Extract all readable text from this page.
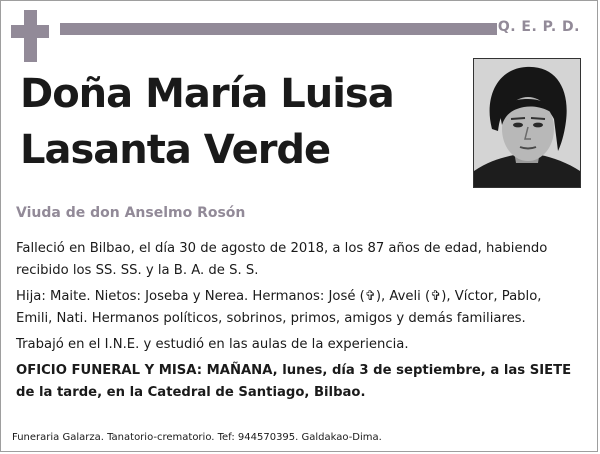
Q. E. P. D.
Doña María Luisa
Lasanta Verde
Viuda de don Anselmo Rosón

Falleció en Bilbao, el día 30 de agosto de 2018, a los 87 años de edad, habiendo recibido los SS. SS. y la B. A. de S. S.

Hija: Maite. Nietos: Joseba y Nerea. Hermanos: José (✞), Aveli (✞), Víctor, Pablo, Emili, Nati. Hermanos políticos, sobrinos, primos, amigos y demás familiares.

Trabajó en el I.N.E. y estudió en las aulas de la experiencia.

OFICIO FUNERAL Y MISA: MAÑANA, lunes, día 3 de septiembre, a las SIETE de la tarde, en la Catedral de Santiago, Bilbao.

Funeraria Galarza. Tanatorio-crematorio. Tef: 944570395. Galdakao-Dima.
